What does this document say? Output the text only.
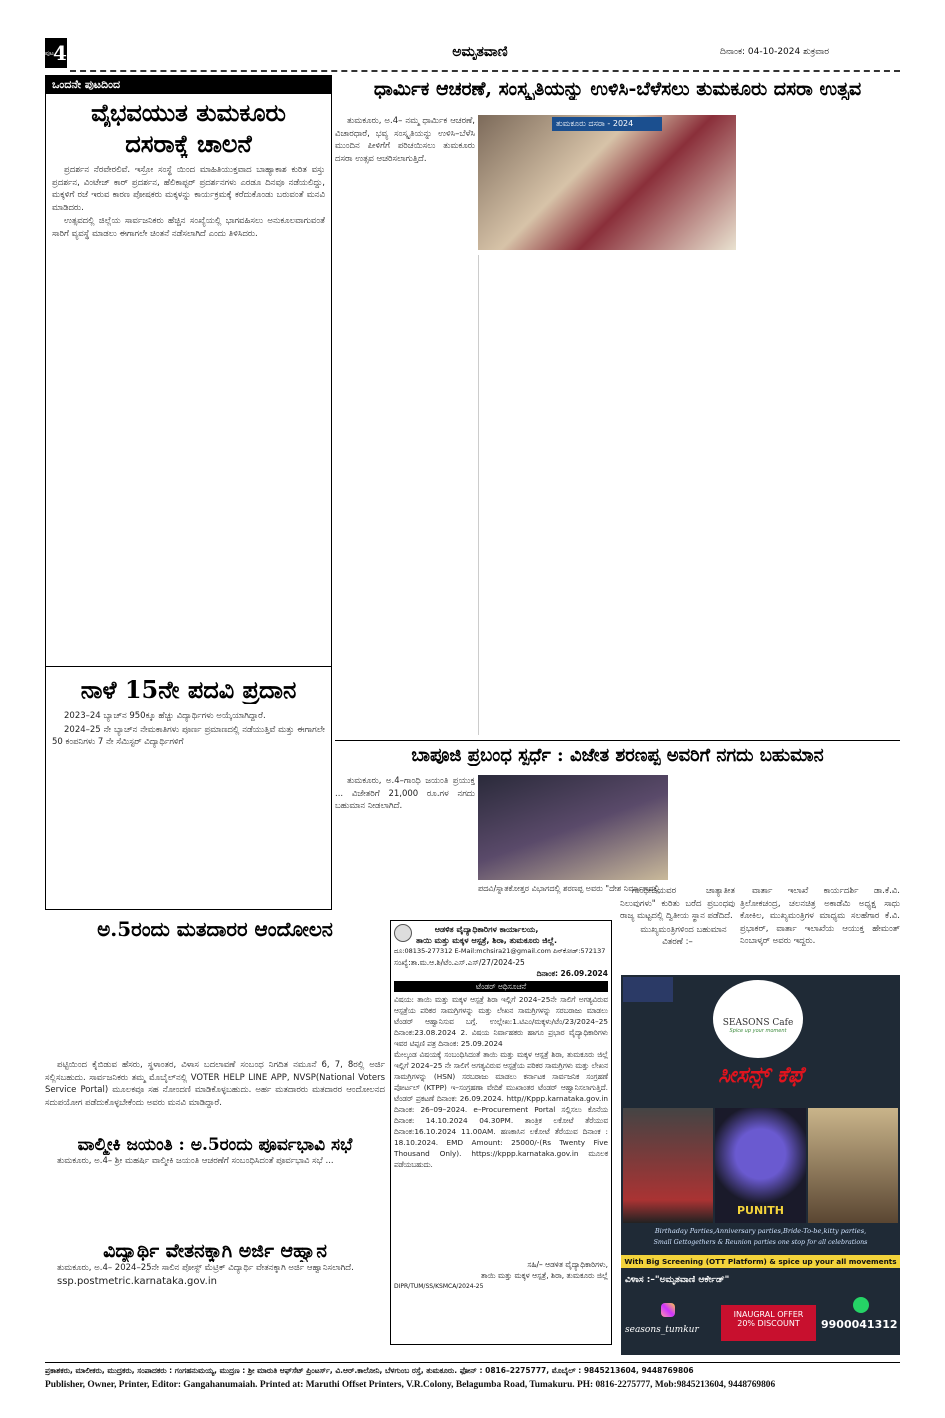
ಪುಟ 4	ಅಮೃತವಾಣಿ	ದಿನಾಂಕ: 04-10-2024 ಶುಕ್ರವಾರ
ಒಂದನೇ ಪುಟದಿಂದ
ವೈಭವಯುತ ತುಮಕೂರು
ದಸರಾಕ್ಕೆ ಚಾಲನೆ

ಪ್ರದರ್ಶನ ನೆರವೇರಲಿವೆ. ಇಸ್ರೋ ಸಂಸ್ಥೆ ಯಿಂದ ಮಾಹಿತಿಯುಕ್ತವಾದ ಬಾಹ್ಯಾಕಾಶ ಕುರಿತ ವಸ್ತು ಪ್ರದರ್ಶನ, ವಿಂಟೇಜ್ ಕಾರ್ ಪ್ರದರ್ಶನ, ಹೆಲಿಕಾಪ್ಟರ್ ಪ್ರದರ್ಶನಗಳು ಎರಡೂ ದಿನವೂ ನಡೆಯಲಿದ್ದು, ಮಕ್ಕಳಿಗೆ ರಜೆ ಇರುವ ಕಾರಣ ಪೋಷಕರು ಮಕ್ಕಳನ್ನು ಕಾರ್ಯಕ್ರಮಕ್ಕೆ ಕರೆದುಕೊಂಡು ಬರುವಂತೆ ಮನವಿ ಮಾಡಿದರು.

ಉತ್ಸವದಲ್ಲಿ ಜಿಲ್ಲೆಯ ಸಾರ್ವಜನಿಕರು ಹೆಚ್ಚಿನ ಸಂಖ್ಯೆಯಲ್ಲಿ ಭಾಗವಹಿಸಲು ಅನುಕೂಲವಾಗುವಂತೆ ಸಾರಿಗೆ ವ್ಯವಸ್ಥೆ ಮಾಡಲು ಈಗಾಗಲೇ ಚಿಂತನೆ ನಡೆಸಲಾಗಿದೆ ಎಂದು ತಿಳಿಸಿದರು.

ನಾಳೆ 15ನೇ ಪದವಿ ಪ್ರದಾನ

2023–24 ಬ್ಯಾಚ್‌ನ 950ಕ್ಕೂ ಹೆಚ್ಚು ವಿದ್ಯಾರ್ಥಿಗಳು ಅಯ್ಕೆಯಾಗಿದ್ದಾರೆ.

2024–25 ನೇ ಬ್ಯಾಚ್‌ನ ನೇಮಕಾತಿಗಳು ಪೂರ್ಣ ಪ್ರಮಾಣದಲ್ಲಿ ನಡೆಯುತ್ತಿವೆ ಮತ್ತು ಈಗಾಗಲೇ 50 ಕಂಪನಿಗಳು 7 ನೇ ಸೆಮಿಸ್ಟರ್ ವಿದ್ಯಾರ್ಥಿಗಳಿಗೆ

ಧಾರ್ಮಿಕ ಆಚರಣೆ, ಸಂಸ್ಕೃತಿಯನ್ನು ಉಳಿಸಿ-ಬೆಳೆಸಲು ತುಮಕೂರು ದಸರಾ ಉತ್ಸವ

ತುಮಕೂರು, ಅ.4– ನಮ್ಮ ಧಾರ್ಮಿಕ ಆಚರಣೆ, ವಿಚಾರಧಾರೆ, ಭವ್ಯ ಸಂಸ್ಕೃತಿಯನ್ನು ಉಳಿಸಿ–ಬೆಳೆಸಿ ಮುಂದಿನ ಪೀಳಿಗೆಗೆ ಪರಿಚಯಿಸಲು ತುಮಕೂರು ದಸರಾ ಉತ್ಸವ ಆಚರಿಸಲಾಗುತ್ತಿದೆ.

ತುಮಕೂರು ದಸರಾ - 2024
ಬಾಪೂಜಿ ಪ್ರಬಂಧ ಸ್ಪರ್ಧೆ : ವಿಜೇತ ಶರಣಪ್ಪ ಅವರಿಗೆ ನಗದು ಬಹುಮಾನ

ತುಮಕೂರು, ಅ.4–ಗಾಂಧಿ ಜಯಂತಿ ಪ್ರಯುಕ್ತ ... ವಿಜೇತರಿಗೆ 21,000 ರೂ.ಗಳ ನಗದು ಬಹುಮಾನ ನೀಡಲಾಗಿದೆ.

ಪದವಿ/ಸ್ನಾತಕೋತ್ತರ ವಿಭಾಗದಲ್ಲಿ ಶರಣಪ್ಪ ಅವರು "ದೇಶ ನಿರ್ಮಾಣದಲ್ಲಿ

ಗಾಂಧೀಜಿಯವರ ಚಾತ್ಯಾತೀತ ನಿಲುವುಗಳು" ಕುರಿತು ಬರೆದ ಪ್ರಬಂಧವು ರಾಜ್ಯ ಮಟ್ಟದಲ್ಲಿ ದ್ವಿತೀಯ ಸ್ಥಾನ ಪಡೆದಿದೆ.

ಮುಖ್ಯಮಂತ್ರಿಗಳಿಂದ ಬಹುಮಾನ ವಿತರಣೆ :–

ವಾರ್ತಾ ಇಲಾಖೆ ಕಾರ್ಯದರ್ಶಿ ಡಾ.ಕೆ.ವಿ. ತ್ರಿಲೋಕಚಂದ್ರ, ಚಲನಚಿತ್ರ ಅಕಾಡೆಮಿ ಅಧ್ಯಕ್ಷ ಸಾಧು ಕೋಕಿಲ, ಮುಖ್ಯಮಂತ್ರಿಗಳ ಮಾಧ್ಯಮ ಸಲಹೆಗಾರ ಕೆ.ವಿ. ಪ್ರಭಾಕರ್, ವಾರ್ತಾ ಇಲಾಖೆಯ ಆಯುಕ್ತ ಹೇಮಂತ್ ನಿಂಬಾಳ್ಕರ್ ಅವರು ಇದ್ದರು.

ಅ.5ರಂದು ಮತದಾರರ ಆಂದೋಲನ

ಪಟ್ಟಿಯಿಂದ ಕೈಬಿಡುವ ಹೆಸರು, ಸ್ಥಳಾಂತರ, ವಿಳಾಸ ಬದಲಾವಣೆ ಸಂಬಂಧ ನಿಗದಿತ ನಮೂನೆ 6, 7, 8ರಲ್ಲಿ ಅರ್ಜಿ ಸಲ್ಲಿಸಬಹುದು. ಸಾರ್ವಜನಿಕರು ತಮ್ಮ ಮೊಬೈಲ್‌ನಲ್ಲಿ VOTER HELP LINE APP, NVSP(National Voters Service Portal) ಮೂಲಕವೂ ಸಹ ನೋಂದಣಿ ಮಾಡಿಕೊಳ್ಳಬಹುದು. ಅರ್ಹ ಮತದಾರರು ಮತದಾರರ ಆಂದೋಲನದ ಸದುಪಯೋಗ ಪಡೆದುಕೊಳ್ಳಬೇಕೆಂದು ಅವರು ಮನವಿ ಮಾಡಿದ್ದಾರೆ.

ವಾಲ್ಮೀಕಿ ಜಯಂತಿ : ಅ.5ರಂದು ಪೂರ್ವಭಾವಿ ಸಭೆ

ತುಮಕೂರು, ಅ.4– ಶ್ರೀ ಮಹರ್ಷಿ ವಾಲ್ಮೀಕಿ ಜಯಂತಿ ಆಚರಣೆಗೆ ಸಂಬಂಧಿಸಿದಂತೆ ಪೂರ್ವಭಾವಿ ಸಭೆ ...

ವಿದ್ಯಾರ್ಥಿ ವೇತನಕ್ಕಾಗಿ ಅರ್ಜಿ ಆಹ್ವಾನ

ತುಮಕೂರು, ಅ.4– 2024–25ನೇ ಸಾಲಿನ ಪೋಸ್ಟ್ ಮೆಟ್ರಿಕ್ ವಿದ್ಯಾರ್ಥಿ ವೇತನಕ್ಕಾಗಿ ಅರ್ಜಿ ಆಹ್ವಾನಿಸಲಾಗಿದೆ.

ssp.postmetric.karnataka.gov.in

ಆಡಳಿತ ವೈದ್ಯಾಧಿಕಾರಿಗಳ ಕಾರ್ಯಾಲಯ,
ತಾಯಿ ಮತ್ತು ಮಕ್ಕಳ ಆಸ್ಪತ್ರೆ, ಶಿರಾ, ತುಮಕೂರು ಜಿಲ್ಲೆ.
ದೂ:08135-277312 E-Mail:mchsira21@gmail.com ಪಿನ್‌ಕೋಡ್:572137
ಸಂಖ್ಯೆ:ತಾ.ಮ.ಆ.ಶಿ/ಟೆಂ.ಎಸ್.ಎಸ್/27/2024-25
ದಿನಾಂಕ: 26.09.2024
ಟೆಂಡರ್ ಅಧಿಸೂಚನೆ
ವಿಷಯ: ತಾಯಿ ಮತ್ತು ಮಕ್ಕಳ ಆಸ್ಪತ್ರೆ ಶಿರಾ ಇಲ್ಲಿಗೆ 2024–25ನೇ ಸಾಲಿಗೆ ಅಗತ್ಯವಿರುವ ಆಸ್ಪತ್ರೆಯ ಪರಿಕರ ಸಾಮಗ್ರಿಗಳನ್ನು ಮತ್ತು ಲೇಖನ ಸಾಮಗ್ರಿಗಳನ್ನು ಸರಬರಾಜು ಮಾಡಲು ಟೆಂಡರ್ ಆಹ್ವಾನಿಸುವ ಬಗ್ಗೆ. ಉಲ್ಲೇಖ:1.ಟಿಎಂ/ಮಕ್ಕಳು/ಟೆಂ/23/2024–25 ದಿನಾಂಕ:23.08.2024 2. ವಿಷಯ ನಿರ್ವಾಹಕರು ಹಾಗೂ ಪ್ರಭಾರ ವೈದ್ಯಾಧಿಕಾರಿಗಳು ಇವರ ಟಿಪ್ಪಣಿ ಪತ್ರ ದಿನಾಂಕ: 25.09.2024
ಮೇಲ್ಕಂಡ ವಿಷಯಕ್ಕೆ ಸಂಬಂಧಿಸಿದಂತೆ ತಾಯಿ ಮತ್ತು ಮಕ್ಕಳ ಆಸ್ಪತ್ರೆ ಶಿರಾ, ತುಮಕೂರು ಜಿಲ್ಲೆ ಇಲ್ಲಿಗೆ 2024–25 ನೇ ಸಾಲಿಗೆ ಅಗತ್ಯವಿರುವ ಆಸ್ಪತ್ರೆಯ ಪರಿಕರ ಸಾಮಗ್ರಿಗಳು ಮತ್ತು ಲೇಖನ ಸಾಮಗ್ರಿಗಳನ್ನು (HSN) ಸರಬರಾಜು ಮಾಡಲು ಕರ್ನಾಟಕ ಸಾರ್ವಜನಿಕ ಸಂಗ್ರಹಣೆ ಪೋರ್ಟಲ್ (KTPP) ಇ–ಸಂಗ್ರಹಣಾ ವೇದಿಕೆ ಮುಖಾಂತರ ಟೆಂಡರ್ ಆಹ್ವಾನಿಸಲಾಗುತ್ತಿದೆ. ಟೆಂಡರ್ ಪ್ರಕಟಣೆ ದಿನಾಂಕ: 26.09.2024. http//Kppp.karnataka.gov.in ದಿನಾಂಕ: 26–09–2024. e–Procurement Portal ಸಲ್ಲಿಸಲು ಕೊನೆಯ ದಿನಾಂಕ: 14.10.2024 04.30PM. ತಾಂತ್ರಿಕ ಲಕೋಟೆ ತೆರೆಯುವ ದಿನಾಂಕ:16.10.2024 11.00AM. ಹಣಕಾಸಿನ ಲಕೋಟೆ ತೆರೆಯುವ ದಿನಾಂಕ : 18.10.2024. EMD Amount: 25000/-(Rs Twenty Five Thousand Only). https://kppp.karnataka.gov.in ಮೂಲಕ ಪಡೆಯಬಹುದು.
ಸಹಿ/– ಆಡಳಿತ ವೈದ್ಯಾಧಿಕಾರಿಗಳು,
ತಾಯಿ ಮತ್ತು ಮಕ್ಕಳ ಆಸ್ಪತ್ರೆ, ಶಿರಾ, ತುಮಕೂರು ಜಿಲ್ಲೆ
DIPR/TUM/SS/KSMCA/2024-25
SEASONS Cafe
Spice up your moment
ಸೀಸನ್ಸ್ ಕೆಫೆ
PUNITH
Birthaday Parties,Anniversary parties,Bride-To-be,kitty parties,
Small Gettogethers & Reunion parties one stop for all celebrations
With Big Screening (OTT Platform) & spice up your all movements
ವಿಳಾಸ :–"ಅಮೃತವಾಣಿ ಆರ್ಕೇಡ್"
seasons_tumkur
INAUGRAL OFFER
20% DISCOUNT	9900041312
ಪ್ರಕಾಶಕರು, ಮಾಲೀಕರು, ಮುದ್ರಕರು, ಸಂಪಾದಕರು : ಗಂಗಹನುಮಯ್ಯ, ಮುದ್ರಣ : ಶ್ರೀ ಮಾರುತಿ ಆಫ್‌ಸೆಟ್ ಪ್ರಿಂಟರ್ಸ್, ವಿ.ಆರ್.ಕಾಲೋನಿ, ಬೆಳಗುಂಬ ರಸ್ತೆ, ತುಮಕೂರು. ಫೋನ್ : 0816–2275777, ಮೊಬೈಲ್ : 9845213604, 9448769806
Publisher, Owner, Printer, Editor: Gangahanumaiah. Printed at: Maruthi Offset Printers, V.R.Colony, Belagumba Road, Tumakuru. PH: 0816-2275777, Mob:9845213604, 9448769806
